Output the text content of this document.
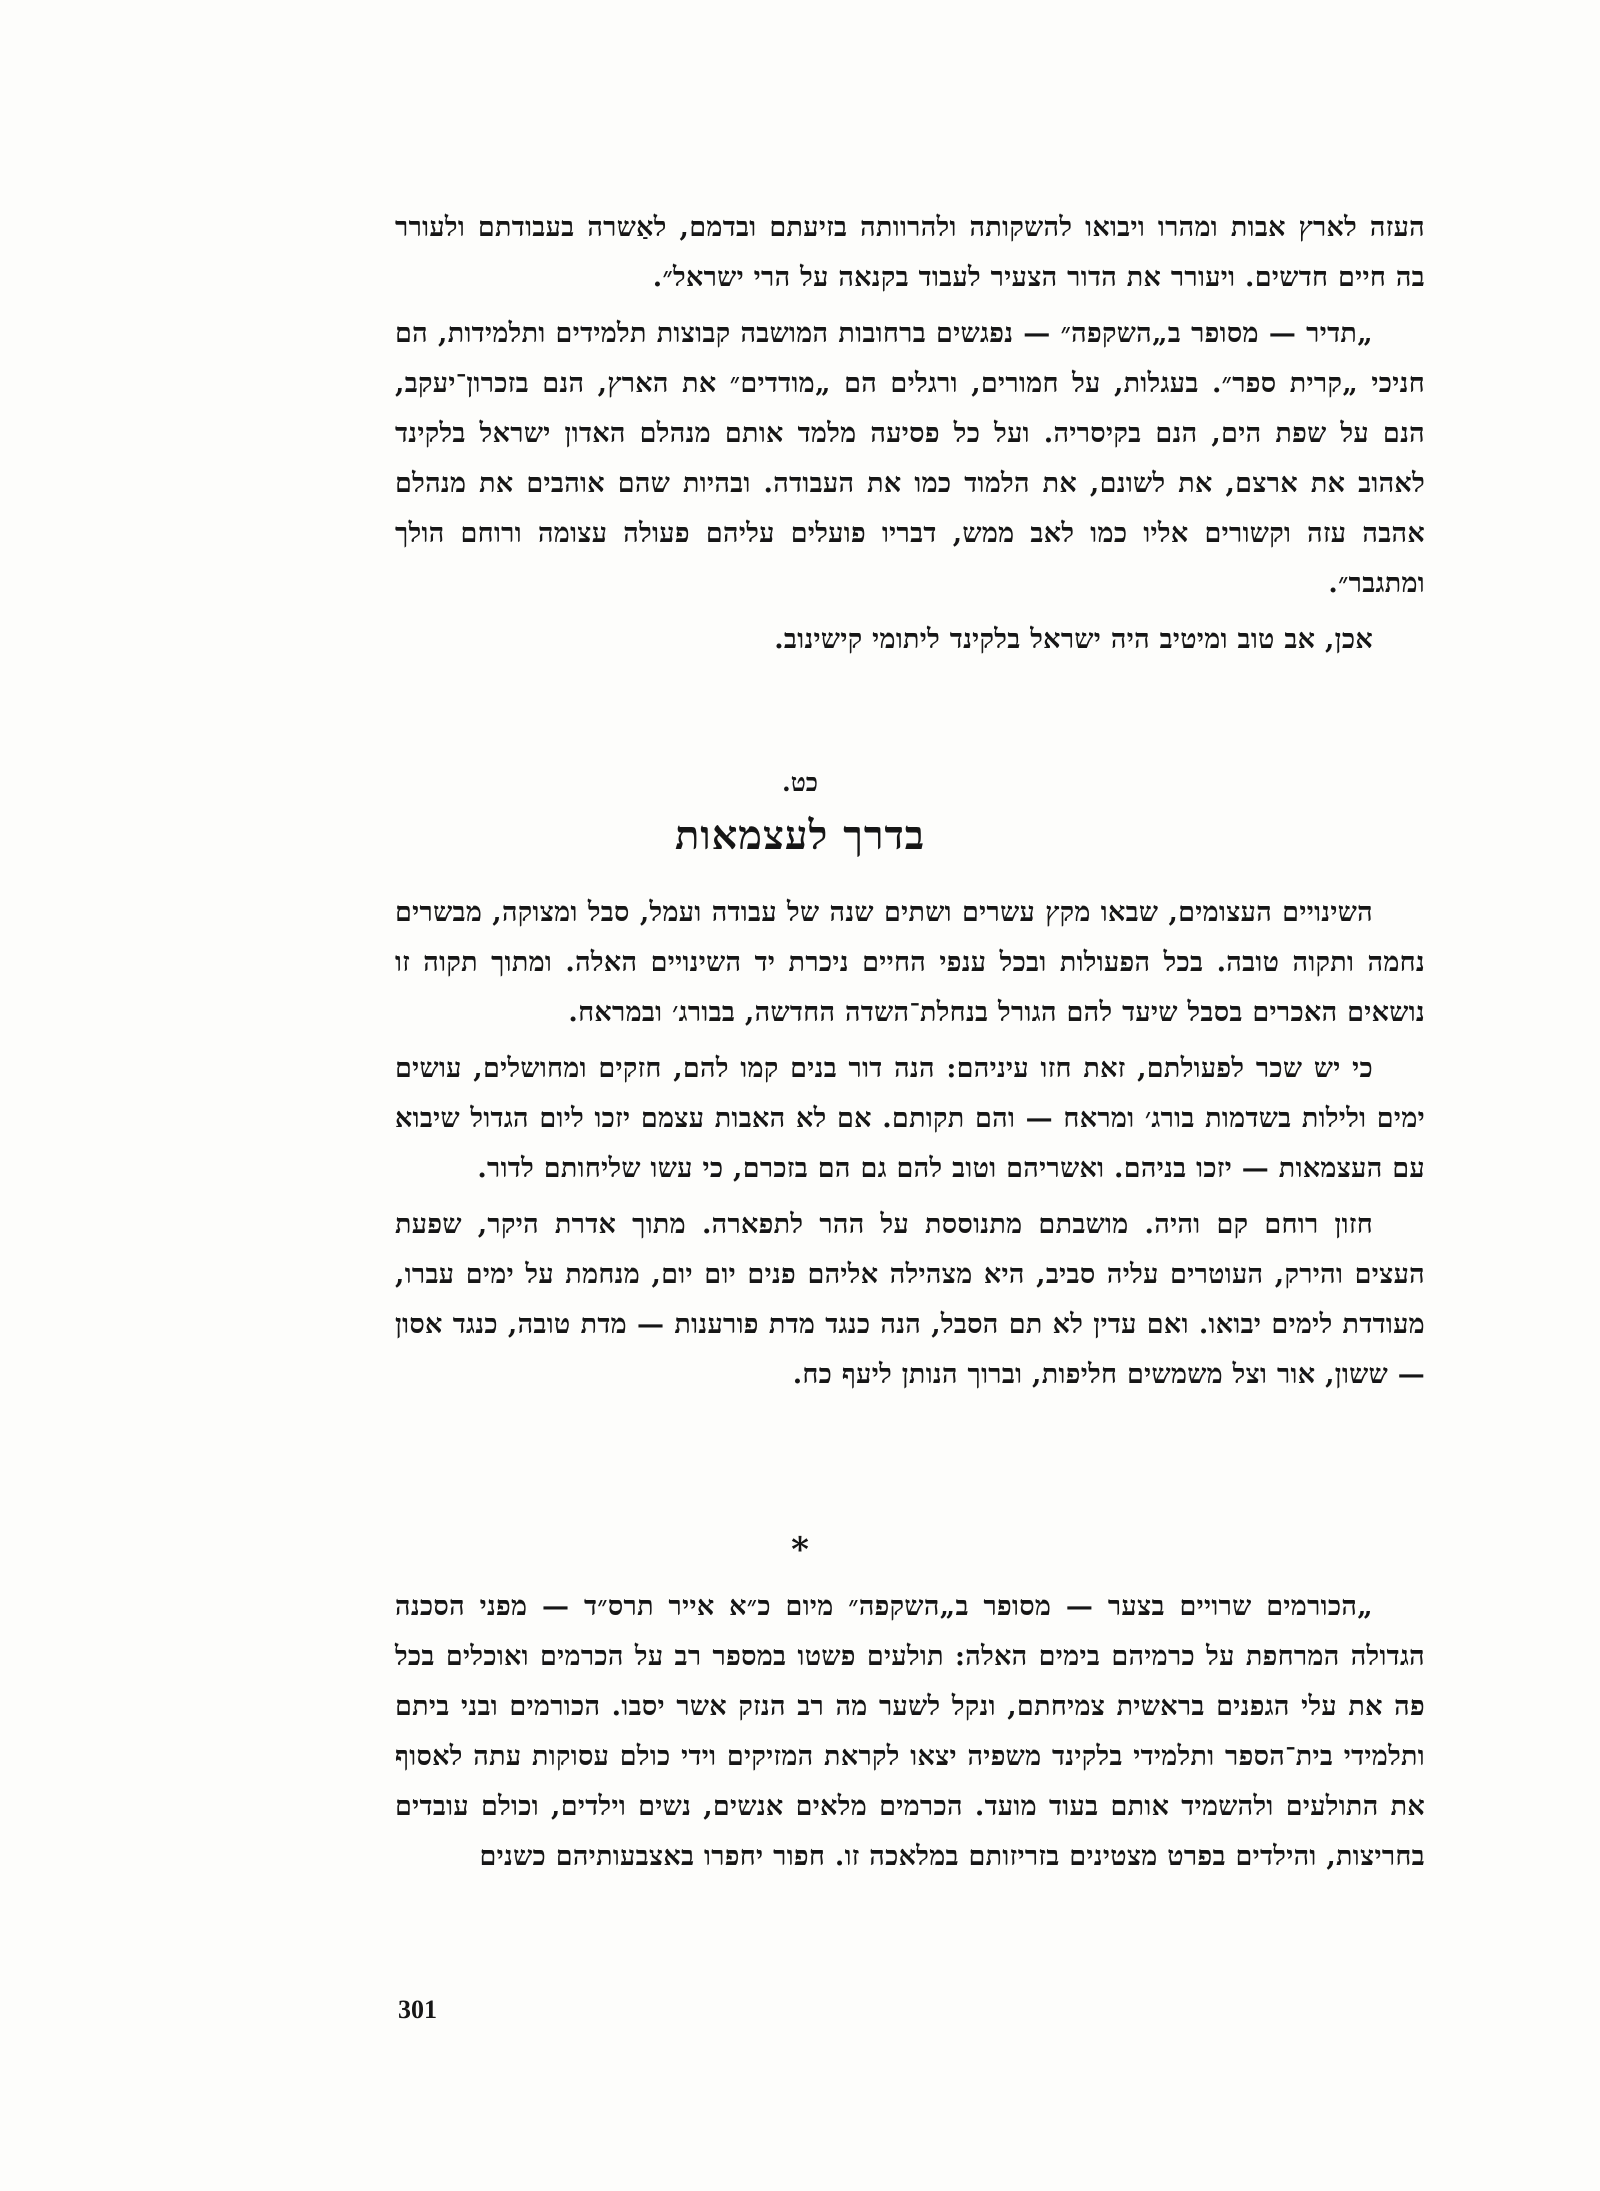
העזה לארץ אבות ומהרו ויבואו להשקותה ולהרוותה בזיעתם ובדמם, לאַשרה בעבודתם ולעורר בה חיים חדשים. ויעורר את הדור הצעיר לעבוד בקנאה על הרי ישראל״.

„תדיר — מסופר ב„השקפה״ — נפגשים ברחובות המושבה קבוצות תלמידים ותלמידות, הם חניכי „קרית ספר״. בעגלות, על חמורים, ורגלים הם „מודדים״ את הארץ, הנם בזכרון־יעקב, הנם על שפת הים, הנם בקיסריה. ועל כל פסיעה מלמד אותם מנהלם האדון ישראל בלקינד לאהוב את ארצם, את לשונם, את הלמוד כמו את העבודה. ובהיות שהם אוהבים את מנהלם אהבה עזה וקשורים אליו כמו לאב ממש, דבריו פועלים עליהם פעולה עצומה ורוחם הולך ומתגבר״.

אכן, אב טוב ומיטיב היה ישראל בלקינד ליתומי קישינוב.

כט.
בדרך לעצמאות

השינויים העצומים, שבאו מקץ עשרים ושתים שנה של עבודה ועמל, סבל ומצוקה, מבשרים נחמה ותקוה טובה. בכל הפעולות ובכל ענפי החיים ניכרת יד השינויים האלה. ומתוך תקוה זו נושאים האכרים בסבל שיעד להם הגורל בנחלת־השדה החדשה, בבורג׳ ובמראח.

כי יש שכר לפעולתם, זאת חזו עיניהם: הנה דור בנים קמו להם, חזקים ומחושלים, עושים ימים ולילות בשדמות בורג׳ ומראח — והם תקותם. אם לא האבות עצמם יזכו ליום הגדול שיבוא עם העצמאות — יזכו בניהם. ואשריהם וטוב להם גם הם בזכרם, כי עשו שליחותם לדור.

חזון רוחם קם והיה. מושבתם מתנוססת על ההר לתפארה. מתוך אדרת היקר, שפעת העצים והירק, העוטרים עליה סביב, היא מצהילה אליהם פנים יום יום, מנחמת על ימים עברו, מעודדת לימים יבואו. ואם עדין לא תם הסבל, הנה כנגד מדת פורענות — מדת טובה, כנגד אסון — ששון, אור וצל משמשים חליפות, וברוך הנותן ליעף כח.

*

„הכורמים שרויים בצער — מסופר ב„השקפה״ מיום כ״א אייר תרס״ד — מפני הסכנה הגדולה המרחפת על כרמיהם בימים האלה: תולעים פשטו במספר רב על הכרמים ואוכלים בכל פה את עלי הגפנים בראשית צמיחתם, ונקל לשער מה רב הנזק אשר יסבו. הכורמים ובני ביתם ותלמידי בית־הספר ותלמידי בלקינד משפיה יצאו לקראת המזיקים וידי כולם עסוקות עתה לאסוף את התולעים ולהשמיד אותם בעוד מועד. הכרמים מלאים אנשים, נשים וילדים, וכולם עובדים בחריצות, והילדים בפרט מצטינים בזריזותם במלאכה זו. חפור יחפרו באצבעותיהם כשנים

301
